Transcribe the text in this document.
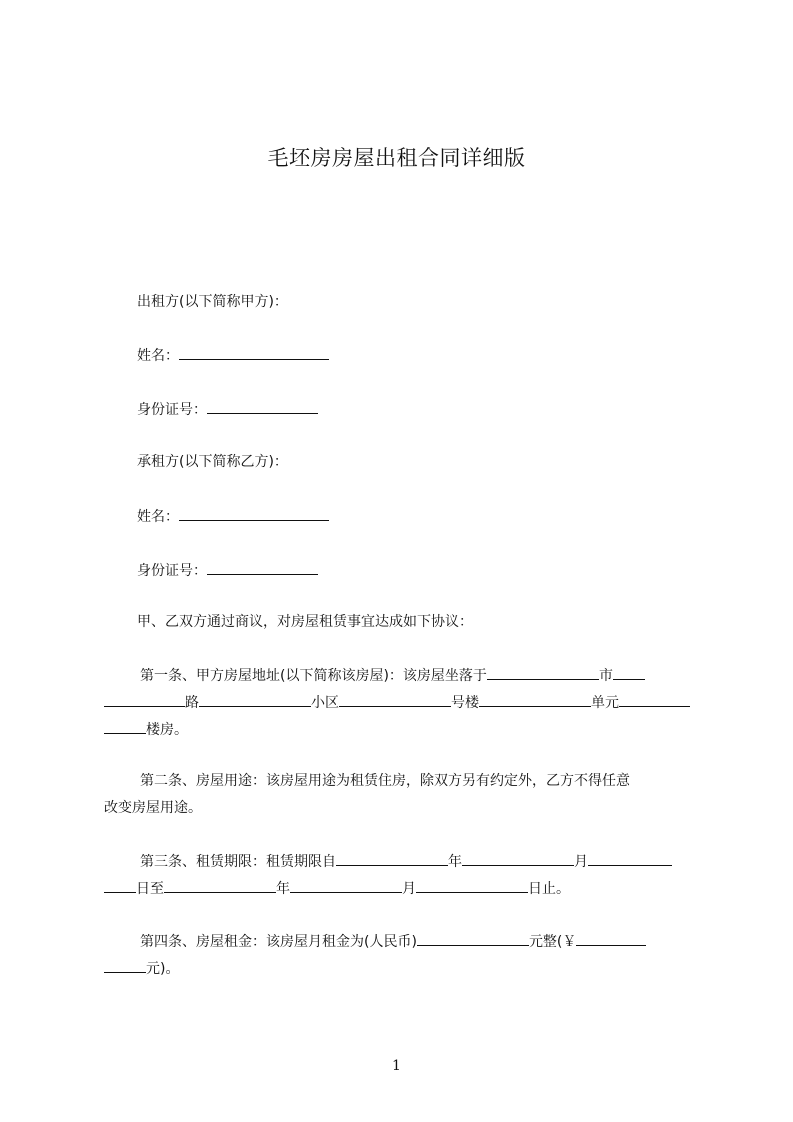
毛坯房房屋出租合同详细版
出租方(以下简称甲方)：
姓名：
身份证号：
承租方(以下简称乙方)：
姓名：
身份证号：
甲、乙双方通过商议，对房屋租赁事宜达成如下协议：
第一条、甲方房屋地址(以下简称该房屋)：该房屋坐落于	市
路	小区	号楼	单元
楼房。
第二条、房屋用途：该房屋用途为租赁住房，除双方另有约定外，乙方不得任意
改变房屋用途。
第三条、租赁期限：租赁期限自	年	月
日至	年	月	日止。
第四条、房屋租金：该房屋月租金为(人民币)	元整(￥
元)。
1
